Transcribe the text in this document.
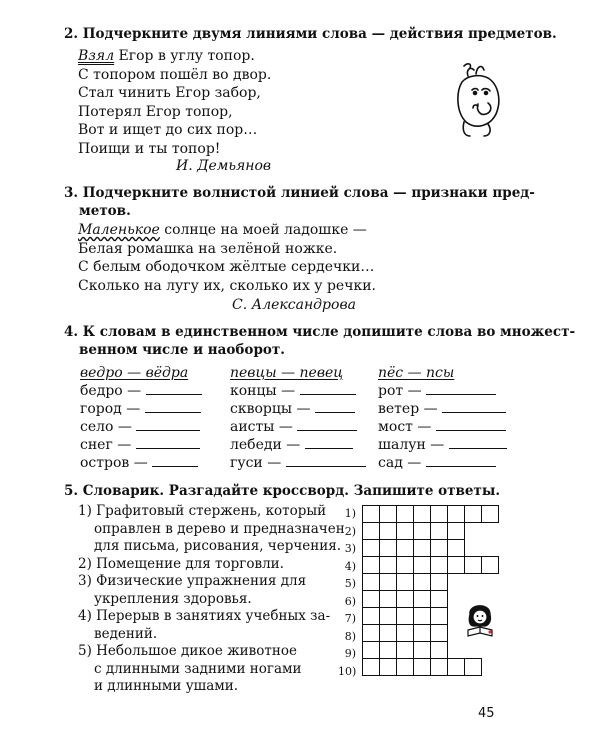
2. Подчеркните двумя линиями слова — действия предметов.
Взял Егор в углу топор.
С топором пошёл во двор.
Стал чинить Егор забор,
Потерял Егор топор,
Вот и ищет до сих пор…
Поищи и ты топор!
И. Демьянов
3. Подчеркните волнистой линией слова — признаки пред-
метов.
Маленькое солнце на моей ладошке —
Белая ромашка на зелёной ножке.
С белым ободочком жёлтые сердечки…
Сколько на лугу их, сколько их у речки.
С. Александрова
4. К словам в единственном числе допишите слова во множест-
венном числе и наоборот.
ведро — вёдра
бедро —
город —
село —
снег —
остров —
певцы — певец
концы —
скворцы —
аисты —
лебеди —
гуси —
пёс — псы
рот —
ветер —
мост —
шалун —
сад —
5. Словарик. Разгадайте кроссворд. Запишите ответы.
1) Графитовый стержень, который
оправлен в дерево и предназначен
для письма, рисования, черчения.
2) Помещение для торговли.
3) Физические упражнения для
укрепления здоровья.
4) Перерыв в занятиях учебных за-
ведений.
5) Небольшое дикое животное
с длинными задними ногами
и длинными ушами.
1)
2)
3)
4)
5)
6)
7)
8)
9)
10)
45
